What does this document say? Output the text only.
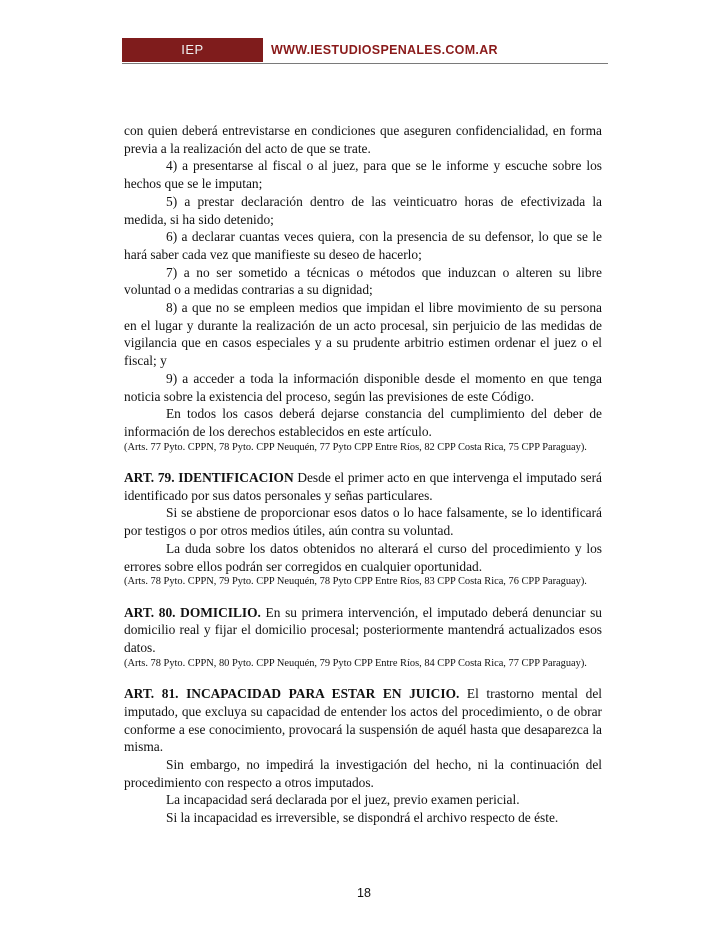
IEP	WWW.IESTUDIOSPENALES.COM.AR

con quien deberá entrevistarse en condiciones que aseguren confidencialidad, en forma previa a la realización del acto de que se trate.

4) a presentarse al fiscal o al juez, para que se le informe y escuche sobre los hechos que se le imputan;

5) a prestar declaración dentro de las veinticuatro horas de efectivizada la medida, si ha sido detenido;

6) a declarar cuantas veces quiera, con la presencia de su defensor, lo que se le hará saber cada vez que manifieste su deseo de hacerlo;

7) a no ser sometido a técnicas o métodos que induzcan o alteren su libre voluntad o a medidas contrarias a su dignidad;

8) a que no se empleen medios que impidan el libre movimiento de su persona en el lugar y durante la realización de un acto procesal, sin perjuicio de las medidas de vigilancia que en casos especiales y a su prudente arbitrio estimen ordenar el juez o el fiscal; y

9) a acceder a toda la información disponible desde el momento en que tenga noticia sobre la existencia del proceso, según las previsiones de este Código.

En todos los casos deberá dejarse constancia del cumplimiento del deber de información de los derechos establecidos en este artículo.

(Arts. 77 Pyto. CPPN, 78 Pyto. CPP Neuquén, 77 Pyto CPP Entre Ríos, 82 CPP Costa Rica, 75 CPP Paraguay).

ART. 79. IDENTIFICACION Desde el primer acto en que intervenga el imputado será identificado por sus datos personales y señas particulares.

Si se abstiene de proporcionar esos datos o lo hace falsamente, se lo identificará por testigos o por otros medios útiles, aún contra su voluntad.

La duda sobre los datos obtenidos no alterará el curso del procedimiento y los errores sobre ellos podrán ser corregidos en cualquier oportunidad.

(Arts. 78 Pyto. CPPN, 79 Pyto. CPP Neuquén, 78 Pyto CPP Entre Ríos, 83 CPP Costa Rica, 76 CPP Paraguay).

ART. 80. DOMICILIO. En su primera intervención, el imputado deberá denunciar su domicilio real y fijar el domicilio procesal; posteriormente mantendrá actualizados esos datos.

(Arts. 78 Pyto. CPPN, 80 Pyto. CPP Neuquén, 79 Pyto CPP Entre Ríos, 84 CPP Costa Rica, 77 CPP Paraguay).

ART. 81. INCAPACIDAD PARA ESTAR EN JUICIO. El trastorno mental del imputado, que excluya su capacidad de entender los actos del procedimiento, o de obrar conforme a ese conocimiento, provocará la suspensión de aquél hasta que desaparezca la misma.

Sin embargo, no impedirá la investigación del hecho, ni la continuación del procedimiento con respecto a otros imputados.

La incapacidad será declarada por el juez, previo examen pericial.

Si la incapacidad es irreversible, se dispondrá el archivo respecto de éste.

18
